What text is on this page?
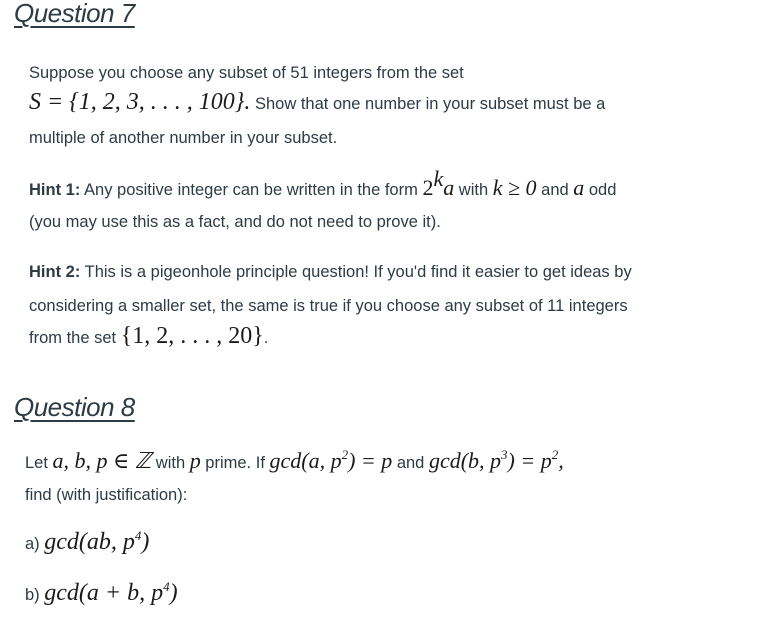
Question 7
Suppose you choose any subset of 51 integers from the set
S = {1, 2, 3, . . . , 100}. Show that one number in your subset must be a
multiple of another number in your subset.
Hint 1: Any positive integer can be written in the form 2$^k$a with k ≥ 0 and a odd
(you may use this as a fact, and do not need to prove it).
Hint 2: This is a pigeonhole principle question! If you'd find it easier to get ideas by
considering a smaller set, the same is true if you choose any subset of 11 integers
from the set {1, 2, . . . , 20}.
Question 8
Let a, b, p ∈ ℤ with p prime. If gcd(a, $p^2) = p$ and gcd(b, $p^3) = p^2$,
find (with justification):
a) gcd(ab, $p^4$)
b) gcd(a + b, $p^4$)
